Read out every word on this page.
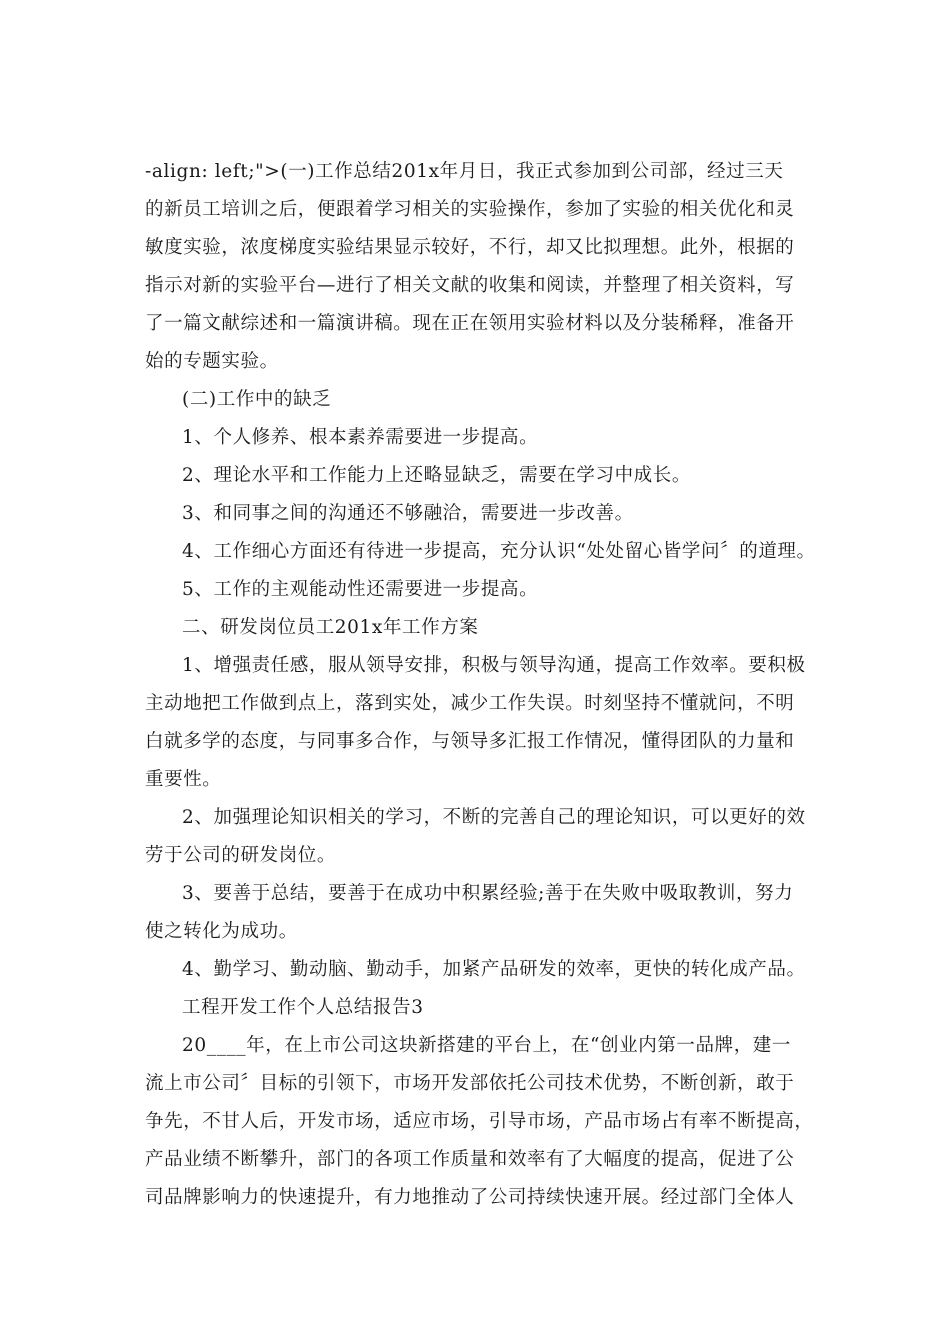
-align: left;">(一)工作总结201x年月日，我正式参加到公司部，经过三天
的新员工培训之后，便跟着学习相关的实验操作，参加了实验的相关优化和灵
敏度实验，浓度梯度实验结果显示较好，不行，却又比拟理想。此外，根据的
指示对新的实验平台—进行了相关文献的收集和阅读，并整理了相关资料，写
了一篇文献综述和一篇演讲稿。现在正在领用实验材料以及分装稀释，准备开
始的专题实验。
(二)工作中的缺乏
1、个人修养、根本素养需要进一步提高。
2、理论水平和工作能力上还略显缺乏，需要在学习中成长。
3、和同事之间的沟通还不够融洽，需要进一步改善。
4、工作细心方面还有待进一步提高，充分认识“处处留心皆学问〞的道理。
5、工作的主观能动性还需要进一步提高。
二、研发岗位员工201x年工作方案
1、增强责任感，服从领导安排，积极与领导沟通，提高工作效率。要积极
主动地把工作做到点上，落到实处，减少工作失误。时刻坚持不懂就问，不明
白就多学的态度，与同事多合作，与领导多汇报工作情况，懂得团队的力量和
重要性。
2、加强理论知识相关的学习，不断的完善自己的理论知识，可以更好的效
劳于公司的研发岗位。
3、要善于总结，要善于在成功中积累经验;善于在失败中吸取教训，努力
使之转化为成功。
4、勤学习、勤动脑、勤动手，加紧产品研发的效率，更快的转化成产品。
工程开发工作个人总结报告3
20____年，在上市公司这块新搭建的平台上，在“创业内第一品牌，建一
流上市公司〞目标的引领下，市场开发部依托公司技术优势，不断创新，敢于
争先，不甘人后，开发市场，适应市场，引导市场，产品市场占有率不断提高，
产品业绩不断攀升，部门的各项工作质量和效率有了大幅度的提高，促进了公
司品牌影响力的快速提升，有力地推动了公司持续快速开展。经过部门全体人
